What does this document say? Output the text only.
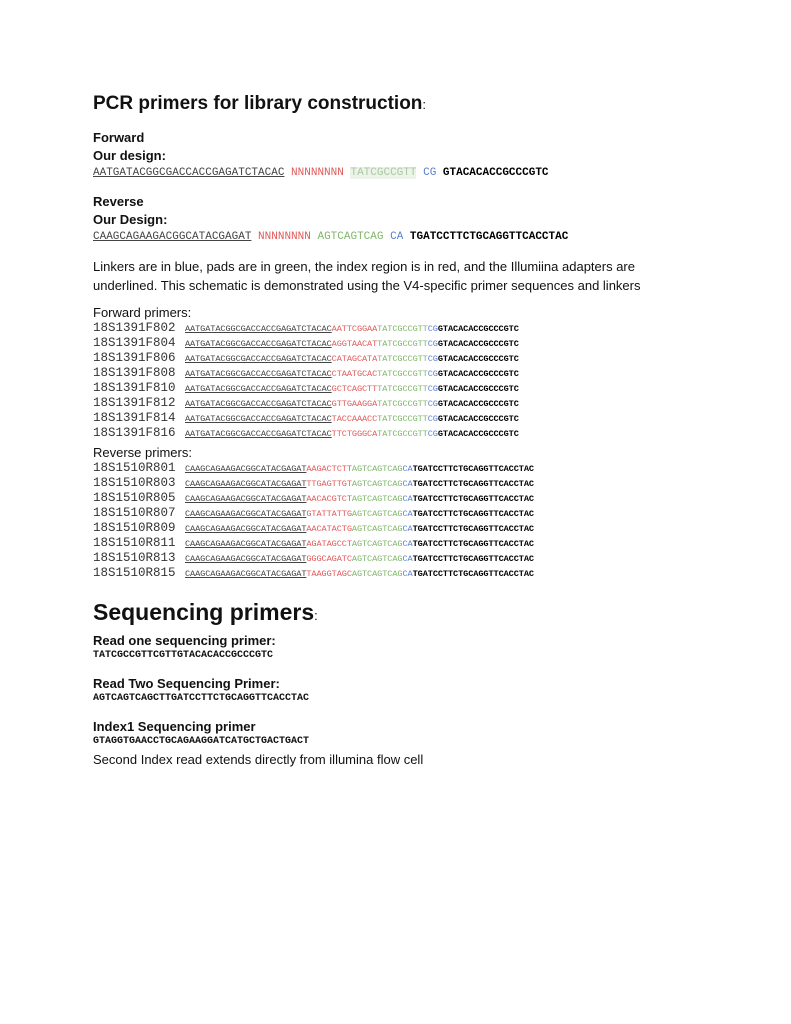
PCR primers for library construction:
Forward
Our design:
AATGATACGGCGACCACCGAGATCTACAC NNNNNNNN TATCGCCGTT CG GTACACACCGCCCGTC
Reverse
Our Design:
CAAGCAGAAGACGGCATACGAGAT NNNNNNNN AGTCAGTCAG CA TGATCCTTCTGCAGGTTCACCTAC
Linkers are in blue, pads are in green, the index region is in red, and the Illumiina adapters are underlined. This schematic is demonstrated using the V4-specific primer sequences and linkers
Forward primers:
18S1391F802	AATGATACGGCGACCACCGAGATCTACACAATTCGGAATATCGCCGTTCGGTACACACCGCCCGTC
18S1391F804	AATGATACGGCGACCACCGAGATCTACACAGGTAACATTATCGCCGTTCGGTACACACCGCCCGTC
18S1391F806	AATGATACGGCGACCACCGAGATCTACACCATAGCATATATCGCCGTTCGGTACACACCGCCCGTC
18S1391F808	AATGATACGGCGACCACCGAGATCTACACCTAATGCACTATCGCCGTTCGGTACACACCGCCCGTC
18S1391F810	AATGATACGGCGACCACCGAGATCTACACGCTCAGCTTTATCGCCGTTCGGTACACACCGCCCGTC
18S1391F812	AATGATACGGCGACCACCGAGATCTACACGTTGAAGGATATCGCCGTTCGGTACACACCGCCCGTC
18S1391F814	AATGATACGGCGACCACCGAGATCTACACTACCAAACCTATCGCCGTTCGGTACACACCGCCCGTC
18S1391F816	AATGATACGGCGACCACCGAGATCTACACTTCTGGGCATATCGCCGTTCGGTACACACCGCCCGTC
Reverse primers:
18S1510R801	CAAGCAGAAGACGGCATACGAGATAAGACTCTTAGTCAGTCAGCATGATCCTTCTGCAGGTTCACCTAC
18S1510R803	CAAGCAGAAGACGGCATACGAGATTTGAGTTGTAGTCAGTCAGCATGATCCTTCTGCAGGTTCACCTAC
18S1510R805	CAAGCAGAAGACGGCATACGAGATAACACGTCTAGTCAGTCAGCATGATCCTTCTGCAGGTTCACCTAC
18S1510R807	CAAGCAGAAGACGGCATACGAGATGTATTATTGAGTCAGTCAGCATGATCCTTCTGCAGGTTCACCTAC
18S1510R809	CAAGCAGAAGACGGCATACGAGATAACATACTGAGTCAGTCAGCATGATCCTTCTGCAGGTTCACCTAC
18S1510R811	CAAGCAGAAGACGGCATACGAGATAGATAGCCTAGTCAGTCAGCATGATCCTTCTGCAGGTTCACCTAC
18S1510R813	CAAGCAGAAGACGGCATACGAGATGGGCAGATCAGTCAGTCAGCATGATCCTTCTGCAGGTTCACCTAC
18S1510R815	CAAGCAGAAGACGGCATACGAGATTAAGGTAGCAGTCAGTCAGCATGATCCTTCTGCAGGTTCACCTAC
Sequencing primers:
Read one sequencing primer:
TATCGCCGTTCGTTGTACACACCGCCCGTC
Read Two Sequencing Primer:
AGTCAGTCAGCTTGATCCTTCTGCAGGTTCACCTAC
Index1 Sequencing primer
GTAGGTGAACCTGCAGAAGGATCATGCTGACTGACT
Second Index read extends directly from illumina flow cell
